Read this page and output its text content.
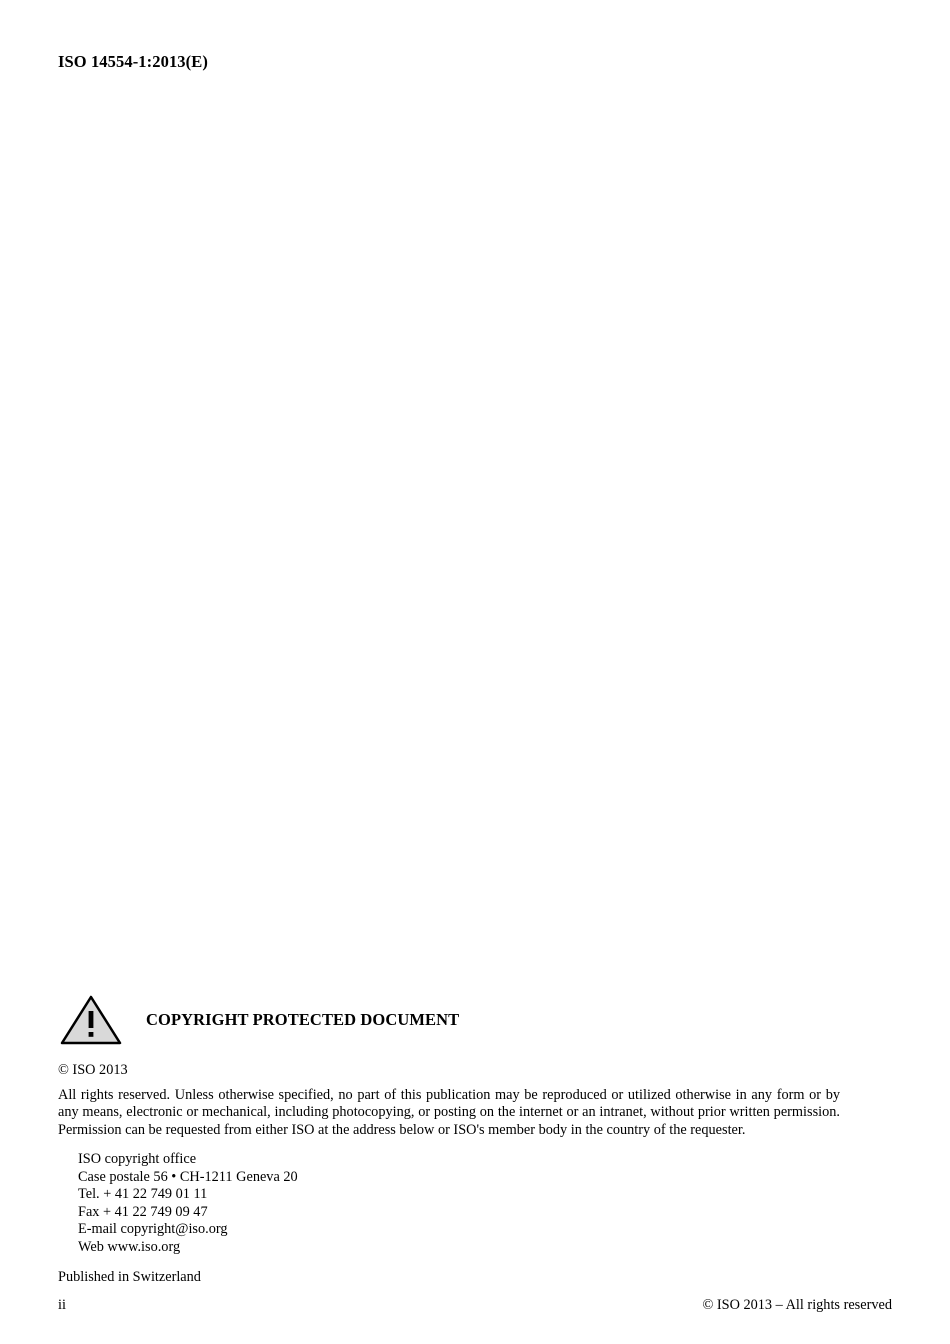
ISO 14554-1:2013(E)
COPYRIGHT PROTECTED DOCUMENT
© ISO 2013
All rights reserved. Unless otherwise specified, no part of this publication may be reproduced or utilized otherwise in any form or by any means, electronic or mechanical, including photocopying, or posting on the internet or an intranet, without prior written permission. Permission can be requested from either ISO at the address below or ISO's member body in the country of the requester.
ISO copyright office
Case postale 56 • CH-1211 Geneva 20
Tel. + 41 22 749 01 11
Fax + 41 22 749 09 47
E-mail copyright@iso.org
Web www.iso.org
Published in Switzerland
ii	© ISO 2013 – All rights reserved
